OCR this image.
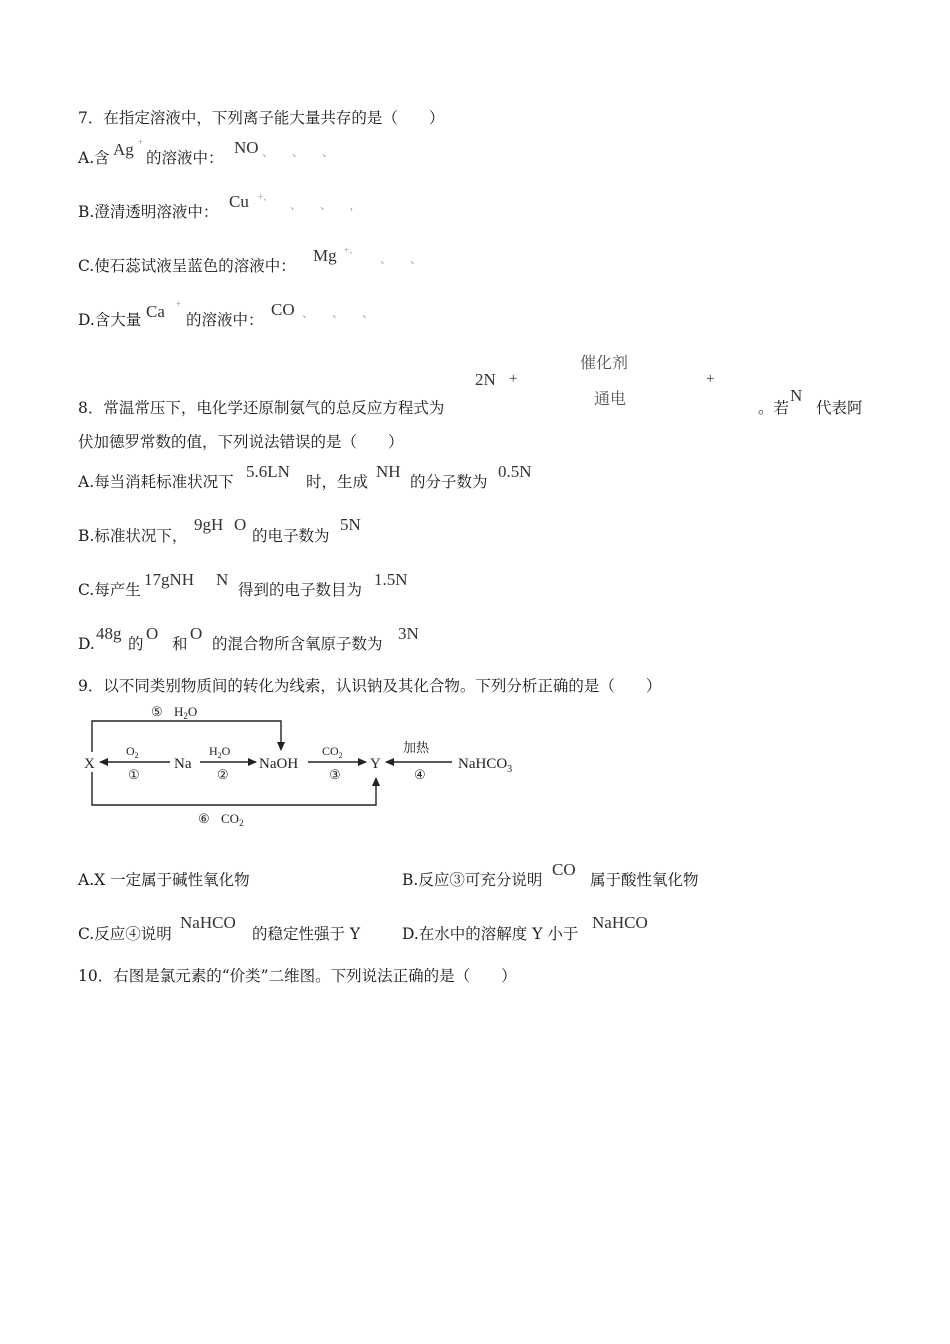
7．在指定溶液中，下列离子能大量共存的是（　　）
A.含 Ag +
的溶液中：
NO 、　　、　　、
B.澄清透明溶液中：
Cu +、
、　　、　　,
C.使石蕊试液呈蓝色的溶液中：
Mg +、
、　　、
D.含大量 Ca +
的溶液中：
CO 、　　、　　、
催化剂
通电
2N +	+
8．常温常压下，电化学还原制氨气的总反应方程式为	。若
N
代表阿
伏加德罗常数的值，下列说法错误的是（　　）
A.每当消耗标准状况下
5.6LN
时，生成
NH
的分子数为
0.5N
B.标准状况下，
9gH O
的电子数为
5N
C.每产生
17gNH N
得到的电子数目为
1.5N
D.
48g
的
O
和
O
的混合物所含氧原子数为
3N
9．以不同类别物质间的转化为线索，认识钠及其化合物。下列分析正确的是（　　）
⑤ $H_2O$
⑥ $CO_2$
X	Na	NaOH	Y	NaHCO$_3$
$O_2$
①
$H_2O$
②
$CO_2$
③
加热
④
A.X 一定属于碱性氧化物	B.反应③可充分说明
CO
属于酸性氧化物
C.反应④说明
NaHCO
的稳定性强于 Y	D.在水中的溶解度 Y 小于
NaHCO
10．右图是氯元素的“价类”二维图。下列说法正确的是（　　）
